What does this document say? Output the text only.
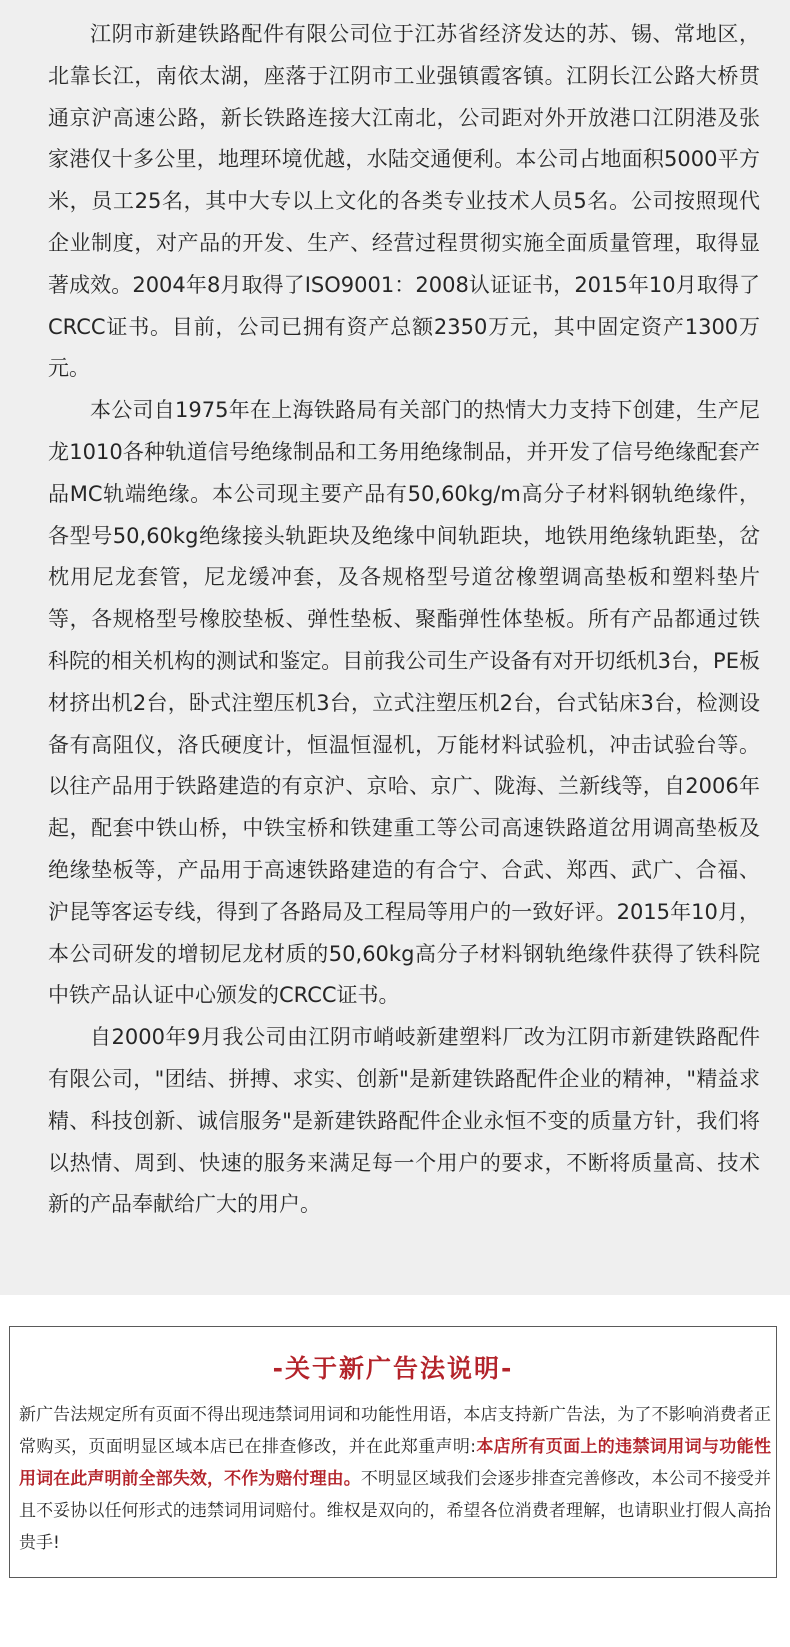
江阴市新建铁路配件有限公司位于江苏省经济发达的苏、锡、常地区，北靠长江，南依太湖，座落于江阴市工业强镇霞客镇。江阴长江公路大桥贯通京沪高速公路，新长铁路连接大江南北，公司距对外开放港口江阴港及张家港仅十多公里，地理环境优越，水陆交通便利。本公司占地面积5000平方米，员工25名，其中大专以上文化的各类专业技术人员5名。公司按照现代企业制度，对产品的开发、生产、经营过程贯彻实施全面质量管理，取得显著成效。2004年8月取得了ISO9001：2008认证证书，2015年10月取得了CRCC证书。目前，公司已拥有资产总额2350万元，其中固定资产1300万元。

本公司自1975年在上海铁路局有关部门的热情大力支持下创建，生产尼龙1010各种轨道信号绝缘制品和工务用绝缘制品，并开发了信号绝缘配套产品MC轨端绝缘。本公司现主要产品有50,60kg/m高分子材料钢轨绝缘件，各型号50,60kg绝缘接头轨距块及绝缘中间轨距块，地铁用绝缘轨距垫，岔枕用尼龙套管，尼龙缓冲套，及各规格型号道岔橡塑调高垫板和塑料垫片等，各规格型号橡胶垫板、弹性垫板、聚酯弹性体垫板。所有产品都通过铁科院的相关机构的测试和鉴定。目前我公司生产设备有对开切纸机3台，PE板材挤出机2台，卧式注塑压机3台，立式注塑压机2台，台式钻床3台，检测设备有高阻仪，洛氏硬度计，恒温恒湿机，万能材料试验机，冲击试验台等。以往产品用于铁路建造的有京沪、京哈、京广、陇海、兰新线等，自2006年起，配套中铁山桥，中铁宝桥和铁建重工等公司高速铁路道岔用调高垫板及绝缘垫板等，产品用于高速铁路建造的有合宁、合武、郑西、武广、合福、沪昆等客运专线，得到了各路局及工程局等用户的一致好评。2015年10月，本公司研发的增韧尼龙材质的50,60kg高分子材料钢轨绝缘件获得了铁科院中铁产品认证中心颁发的CRCC证书。

自2000年9月我公司由江阴市峭岐新建塑料厂改为江阴市新建铁路配件有限公司，"团结、拼搏、求实、创新"是新建铁路配件企业的精神，"精益求精、科技创新、诚信服务"是新建铁路配件企业永恒不变的质量方针，我们将以热情、周到、快速的服务来满足每一个用户的要求，不断将质量高、技术新的产品奉献给广大的用户。

-关于新广告法说明-
新广告法规定所有页面不得出现违禁词用词和功能性用语，本店支持新广告法，为了不影响消费者正常购买，页面明显区域本店已在排查修改，并在此郑重声明:本店所有页面上的违禁词用词与功能性用词在此声明前全部失效，不作为赔付理由。不明显区域我们会逐步排查完善修改，本公司不接受并且不妥协以任何形式的违禁词用词赔付。维权是双向的，希望各位消费者理解，也请职业打假人高抬贵手!
